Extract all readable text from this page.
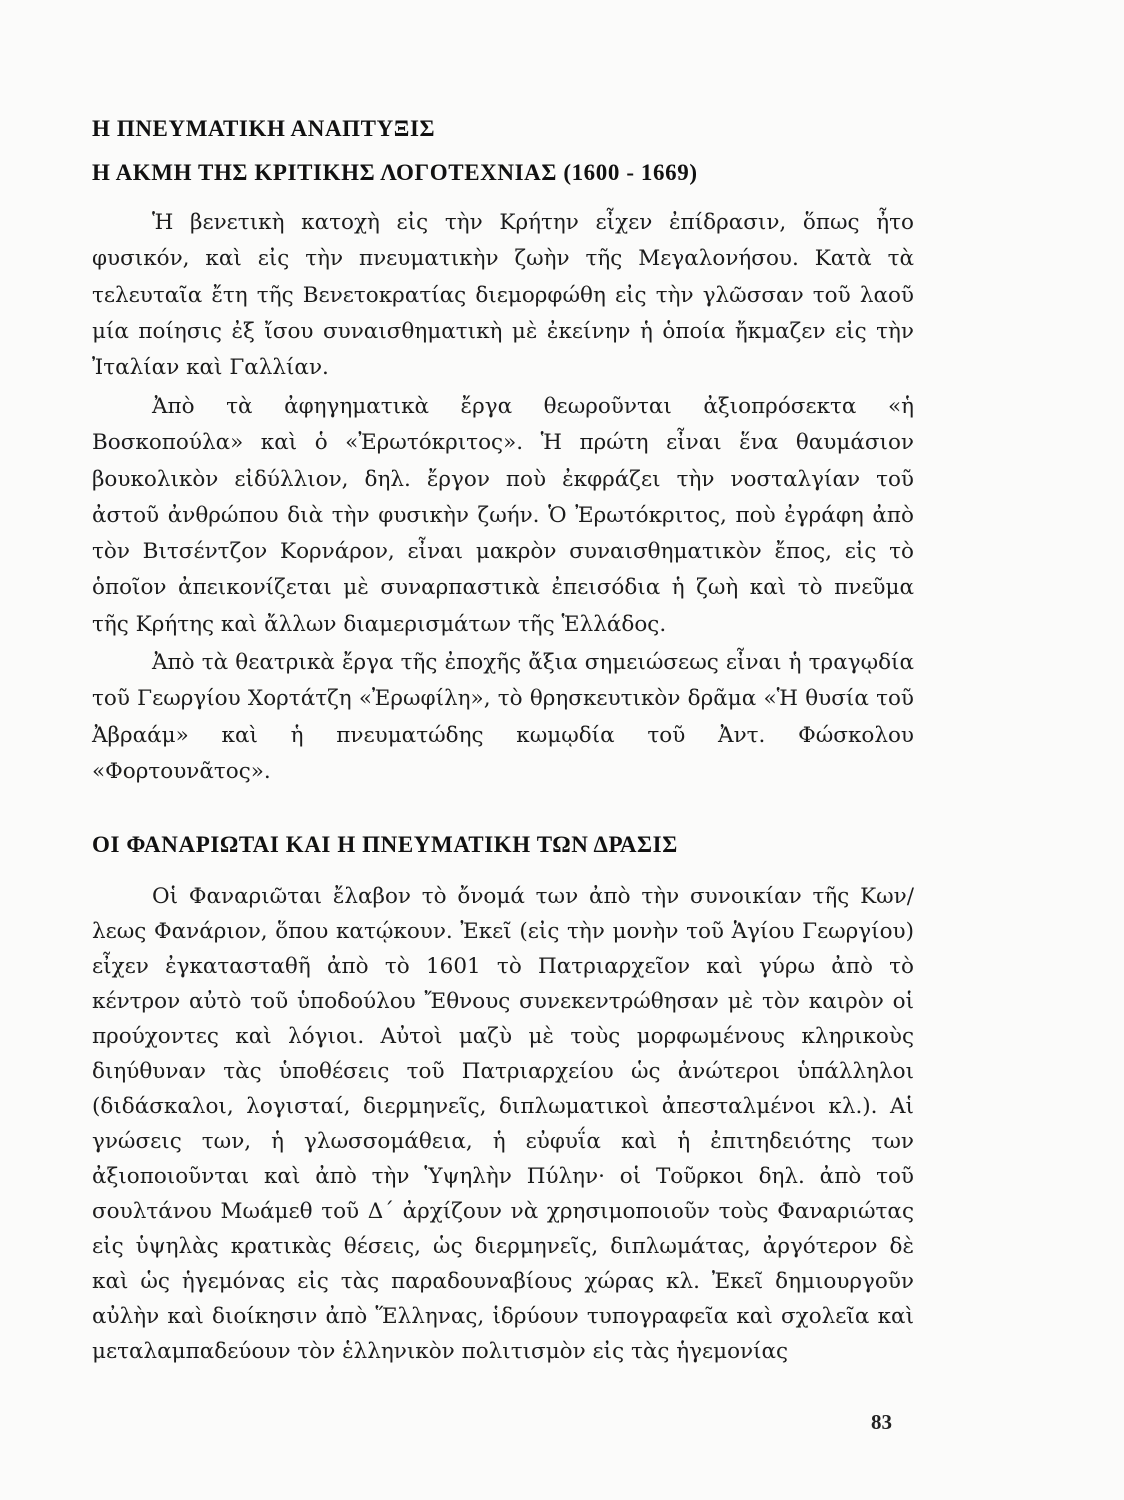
Η ΠΝΕΥΜΑΤΙΚΗ ΑΝΑΠΤΥΞΙΣ
Η ΑΚΜΗ ΤΗΣ ΚΡΙΤΙΚΗΣ ΛΟΓΟΤΕΧΝΙΑΣ (1600 - 1669)

Ἡ βενετικὴ κατοχὴ εἰς τὴν Κρήτην εἶχεν ἐπίδρασιν, ὅπως ἦτο φυσικόν, καὶ εἰς τὴν πνευματικὴν ζωὴν τῆς Μεγαλονήσου. Κατὰ τὰ τελευταῖα ἔτη τῆς Βενετοκρατίας διεμορφώθη εἰς τὴν γλῶσσαν τοῦ λαοῦ μία ποίησις ἐξ ἴσου συναισθηματικὴ μὲ ἐκείνην ἡ ὁποία ἤκμαζεν εἰς τὴν Ἰταλίαν καὶ Γαλλίαν.

Ἀπὸ τὰ ἀφηγηματικὰ ἔργα θεωροῦνται ἀξιοπρόσεκτα «ἡ Βοσκοπούλα» καὶ ὁ «Ἐρωτόκριτος». Ἡ πρώτη εἶναι ἕνα θαυμάσιον βουκολικὸν εἰδύλλιον, δηλ. ἔργον ποὺ ἐκφράζει τὴν νοσταλγίαν τοῦ ἀστοῦ ἀνθρώπου διὰ τὴν φυσικὴν ζωήν. Ὁ Ἐρωτόκριτος, ποὺ ἐγράφη ἀπὸ τὸν Βιτσέντζον Κορνάρον, εἶναι μακρὸν συναισθηματικὸν ἔπος, εἰς τὸ ὁποῖον ἀπεικονίζεται μὲ συναρπαστικὰ ἐπεισόδια ἡ ζωὴ καὶ τὸ πνεῦμα τῆς Κρήτης καὶ ἄλλων διαμερισμάτων τῆς Ἑλλάδος.

Ἀπὸ τὰ θεατρικὰ ἔργα τῆς ἐποχῆς ἄξια σημειώσεως εἶναι ἡ τραγῳδία τοῦ Γεωργίου Χορτάτζη «Ἐρωφίλη», τὸ θρησκευτικὸν δρᾶμα «Ἡ θυσία τοῦ Ἀβραάμ» καὶ ἡ πνευματώδης κωμῳδία τοῦ Ἀντ. Φώσκολου «Φορτουνᾶτος».

ΟΙ ΦΑΝΑΡΙΩΤΑΙ ΚΑΙ Η ΠΝΕΥΜΑΤΙΚΗ ΤΩΝ ΔΡΑΣΙΣ

Οἱ Φαναριῶται ἔλαβον τὸ ὄνομά των ἀπὸ τὴν συνοικίαν τῆς Κων/λεως Φανάριον, ὅπου κατῴκουν. Ἐκεῖ (εἰς τὴν μονὴν τοῦ Ἁγίου Γεωργίου) εἶχεν ἐγκατασταθῆ ἀπὸ τὸ 1601 τὸ Πατριαρχεῖον καὶ γύρω ἀπὸ τὸ κέντρον αὐτὸ τοῦ ὑποδούλου Ἔθνους συνεκεντρώθησαν μὲ τὸν καιρὸν οἱ προύχοντες καὶ λόγιοι. Αὐτοὶ μαζὺ μὲ τοὺς μορφωμένους κληρικοὺς διηύθυναν τὰς ὑποθέσεις τοῦ Πατριαρχείου ὡς ἀνώτεροι ὑπάλληλοι (διδάσκαλοι, λογισταί, διερμηνεῖς, διπλωματικοὶ ἀπεσταλμένοι κλ.). Αἱ γνώσεις των, ἡ γλωσσομάθεια, ἡ εὐφυΐα καὶ ἡ ἐπιτηδειότης των ἀξιοποιοῦνται καὶ ἀπὸ τὴν Ὑψηλὴν Πύλην· οἱ Τοῦρκοι δηλ. ἀπὸ τοῦ σουλτάνου Μωάμεθ τοῦ Δ΄ ἀρχίζουν νὰ χρησιμοποιοῦν τοὺς Φαναριώτας εἰς ὑψηλὰς κρατικὰς θέσεις, ὡς διερμηνεῖς, διπλωμάτας, ἀργότερον δὲ καὶ ὡς ἡγεμόνας εἰς τὰς παραδουναβίους χώρας κλ. Ἐκεῖ δημιουργοῦν αὐλὴν καὶ διοίκησιν ἀπὸ Ἕλληνας, ἱδρύουν τυπογραφεῖα καὶ σχολεῖα καὶ μεταλαμπαδεύουν τὸν ἑλληνικὸν πολιτισμὸν εἰς τὰς ἡγεμονίας

83
